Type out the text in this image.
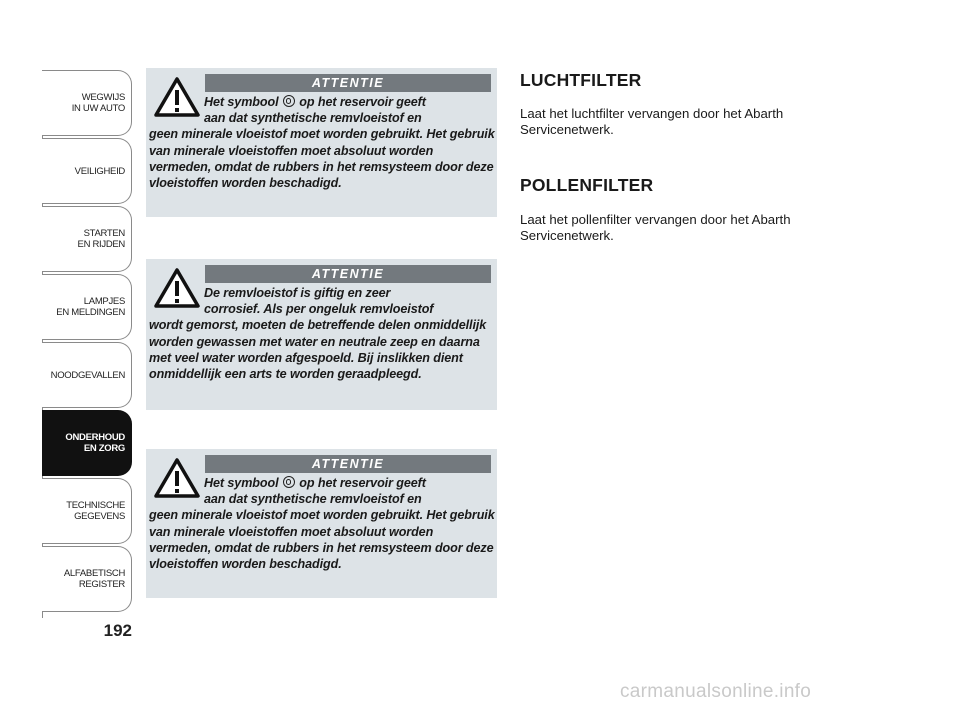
WEGWIJS
IN UW AUTO
VEILIGHEID
STARTEN
EN RIJDEN
LAMPJES
EN MELDINGEN
NOODGEVALLEN
ONDERHOUD
EN ZORG
TECHNISCHE
GEGEVENS
ALFABETISCH
REGISTER
192
ATTENTIE

Het symbool op het reservoir geeft
aan dat synthetische remvloeistof en
geen minerale vloeistof moet worden gebruikt. Het gebruik van minerale vloeistoffen moet absoluut worden vermeden, omdat de rubbers in het remsysteem door deze vloeistoffen worden beschadigd.

ATTENTIE

De remvloeistof is giftig en zeer
corrosief. Als per ongeluk remvloeistof
wordt gemorst, moeten de betreffende delen onmiddellijk worden gewassen met water en neutrale zeep en daarna met veel water worden afgespoeld. Bij inslikken dient onmiddellijk een arts te worden geraadpleegd.

ATTENTIE

Het symbool op het reservoir geeft
aan dat synthetische remvloeistof en
geen minerale vloeistof moet worden gebruikt. Het gebruik van minerale vloeistoffen moet absoluut worden vermeden, omdat de rubbers in het remsysteem door deze vloeistoffen worden beschadigd.

LUCHTFILTER

Laat het luchtfilter vervangen door het Abarth Servicenetwerk.

POLLENFILTER

Laat het pollenfilter vervangen door het Abarth Servicenetwerk.

carmanualsonline.info
